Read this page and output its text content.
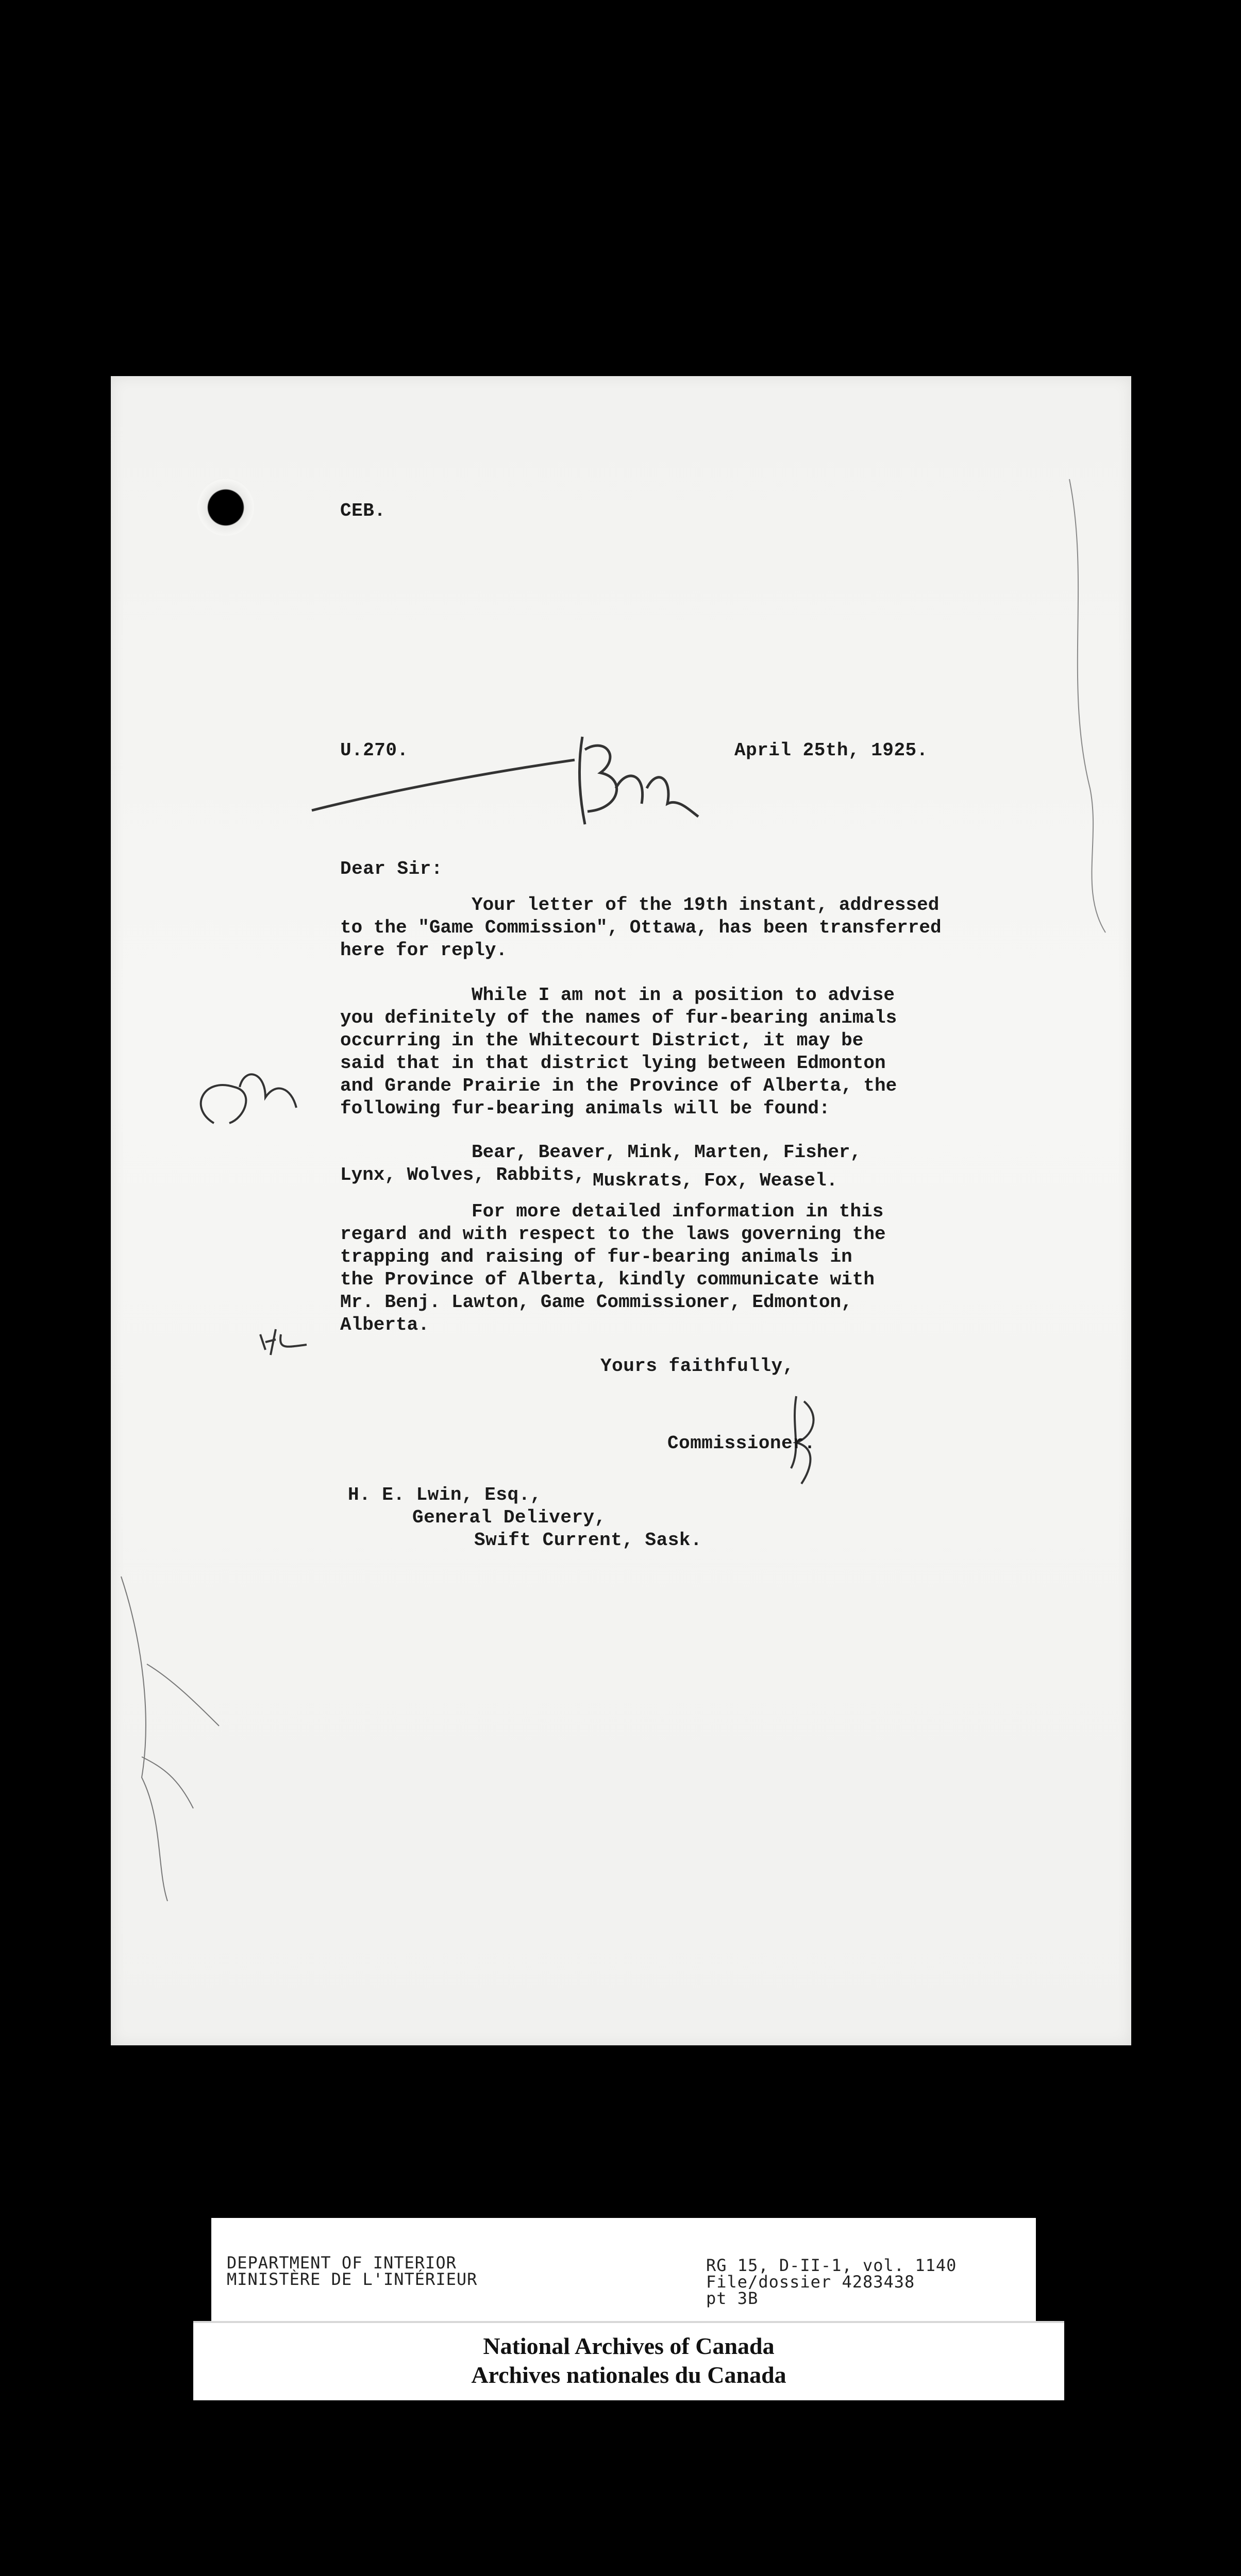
CEB.
U.270.	April 25th, 1925.
Dear Sir:
Your letter of the 19th instant, addressed
to the "Game Commission", Ottawa, has been transferred
here for reply.
While I am not in a position to advise
you definitely of the names of fur-bearing animals
occurring in the Whitecourt District, it may be
said that in that district lying between Edmonton
and Grande Prairie in the Province of Alberta, the
following fur-bearing animals will be found:
Bear, Beaver, Mink, Marten, Fisher,
Lynx, Wolves, Rabbits, Muskrats, Fox, Weasel.
For more detailed information in this
regard and with respect to the laws governing the
trapping and raising of fur-bearing animals in
the Province of Alberta, kindly communicate with
Mr. Benj. Lawton, Game Commissioner, Edmonton,
Alberta.
Yours faithfully,
Commissioner.
H. E. Lwin, Esq.,
General Delivery,
Swift Current, Sask.
DEPARTMENT OF INTERIOR
MINISTÈRE DE L'INTÉRIEUR
RG 15, D-II-1, vol. 1140
File/dossier 4283438
pt 3B
National Archives of Canada
Archives nationales du Canada
